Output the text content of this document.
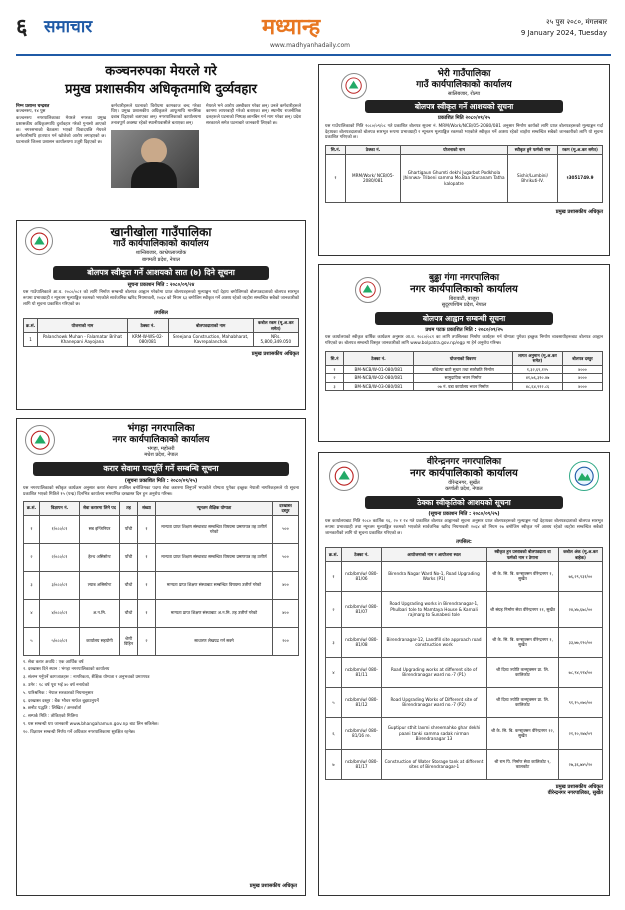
६ समाचार	मध्यान्ह
www.madhyanhadaily.com
२५ पुस २०८०, मंगलबार
9 January 2024, Tuesday
कञ्चनरुपका मेयरले गरे
प्रमुख प्रशासकीय अधिकृतमाथि दुर्व्यवहार
निम्न प्रशान्त चन्द्रबत
कञ्चनरुप, १४ पुस
कञ्चनरुप नगरपालिकाका मेयरले नगरका प्रमुख प्रशासकीय अधिकृतमाथि दुर्व्यवहार गरेको गुनासो आएको छ। नगरसभाको बैठकमा भएको विवादपछि मेयरले कर्मचारीमाथि हातपात गर्न खोजेको आरोप लगाइएको छ। घटनाबारे जिल्ला प्रशासन कार्यालयमा उजुरी दिइएको छ।
कर्मचारीहरूले घटनाको विरोधमा कामकाज बन्द गरेका थिए। प्रमुख प्रशासकीय अधिकृतले आफूमाथि मानसिक दबाब दिइएको बताएका छन्। नगरपालिकाको कार्यालयमा तनावपूर्ण अवस्था रहेको स्थानीयवासीले बताएका छन्।
मेयरले भने आरोप अस्वीकार गरेका छन्। उनले कर्मचारीहरूले काममा लापरबाही गरेको बताएका छन्। स्थानीय राजनीतिक दलहरूले घटनाको निष्पक्ष छानबिन गर्न माग गरेका छन्। प्रदेश सरकारले समेत घटनाबारे जानकारी लिएको छ।
खानीखोला गाउँपालिका
गाउँ कार्यपालिकाको कार्यालय
शान्तिबजार, काभ्रेपलाञ्चोक
बागमती प्रदेश, नेपाल
बोलपत्र स्वीकृत गर्ने आशयको सात (७) दिने सूचना
सूचना प्रकाशन मिति : २०८०/०९/२४
यस गाउँपालिकाले आ.व. २०८०/०८१ को लागि निर्माण सम्बन्धी बोलपत्र आह्वान गरेकोमा प्राप्त बोलपत्रहरूको मूल्याङ्कन गर्दा देहाय बमोजिमको बोलपत्रदाताको बोलपत्र सारभूत रूपमा प्रभावग्राही र न्यूनतम मूल्याङ्कित रकमको भएकोले सार्वजनिक खरिद नियमावली, २०६४ को नियम ६३ बमोजिम स्वीकृत गर्ने आशय रहेको व्यहोरा सम्बन्धित सबैको जानकारीको लागि यो सूचना प्रकाशित गरिएको छ।
तपसिल
क्र.सं.	योजनाको नाम	ठेक्का नं.	बोलपत्रदाताको नाम	कबोल रकम (मू.अ.कर समेत)
1	Palanchowk Muhan - Falamatar Brihat Khanepani Aayojana	KRM-W-WS-02-080/081	Sreejana Construction, Mahabharat, Kavrepalanchok	NRs. 5,800,349.050
प्रमुख प्रशासकीय अधिकृत
भंगहा नगरपालिका
नगर कार्यपालिकाको कार्यालय
भंगहा, महोत्तरी
मधेश प्रदेश, नेपाल
करार सेवामा पदपूर्ति गर्ने सम्बन्धि सूचना
(सूचना प्रकाशित मिति : २०८०/०९/२५)
यस नगरपालिकाको स्वीकृत कार्यक्रम अनुसार करार सेवामा तपसिल बमोजिमका पदमा सेवा करारमा लिनुपर्ने भएकोले योग्यता पुगेका इच्छुक नेपाली नागरिकहरूले यो सूचना प्रकाशित भएको मितिले १५ (पन्ध्र) दिनभित्र कार्यालय समयभित्र दरखास्त दिन हुन अनुरोध गरिन्छ।
क्र.सं.	विज्ञापन नं.	सेवा करारमा लिने पद	तह	संख्या	न्यूनतम शैक्षिक योग्यता	दरखास्त दस्तुर
१	१/०८०/८१	सब इन्जिनियर	पाँचौ	१	मान्यता प्राप्त शिक्षण संस्थाबाट सम्बन्धित विषयमा प्रमाणपत्र तह उत्तीर्ण गरेको	५००
२	२/०८०/८१	हेल्थ असिस्टेन्ट	पाँचौ	१	मान्यता प्राप्त शिक्षण संस्थाबाट सम्बन्धित विषयमा प्रमाणपत्र तह उत्तीर्ण	५००
३	३/०८०/८१	ल्याब असिस्टेन्ट	चौथो	१	मान्यता प्राप्त शिक्षण संस्थाबाट सम्बन्धित विषयमा उत्तीर्ण गरेको	४००
४	४/०८०/८१	अ.न.मि.	चौथो	१	मान्यता प्राप्त शिक्षण संस्थाबाट अ.न.मि. तह उत्तीर्ण गरेको	४००
५	५/०८०/८१	कार्यालय सहयोगी	श्रेणी विहिन	२	साधारण लेखपढ गर्न सक्ने	२००
१. सेवा करार अवधि : एक आर्थिक वर्ष
२. दरखास्त दिने स्थान : भंगहा नगरपालिकाको कार्यालय
३. संलग्न गर्नुपर्ने कागजातहरू : नागरिकता, शैक्षिक योग्यता र अनुभवको प्रमाणपत्र
४. उमेर : १८ वर्ष पूरा भई ४० वर्ष ननाघेको
५. पारिश्रमिक : नेपाल सरकारको नियमानुसार
६. दरखास्त दस्तुर : बैंक भौचर मार्फत बुझाउनुपर्ने
७. छनौट पद्धति : लिखित / अन्तर्वार्ता
८. सम्पर्क मिति : तोकिएको मितिमा
९. यस सम्बन्धी थप जानकारी www.bhangahamun.gov.np बाट लिन सकिनेछ।
१०. विज्ञापन सम्बन्धी निर्णय गर्ने अधिकार नगरपालिकामा सुरक्षित रहनेछ।
प्रमुख प्रशासकीय अधिकृत
भेरी गाउँपालिका
गाउँ कार्यपालिकाको कार्यालय
सालिबजार, रोल्पा
बोलपत्र स्वीकृत गर्ने आशयको सूचना
प्रकाशित मिति २०८०/०९/२५
यस गाउँपालिकाको मिति २०८०/०९/०८ गते प्रकाशित बोलपत्र सूचना नं. MRM/Work/NCB/05-2080/081 अनुसार निर्माण कार्यको लागि प्राप्त बोलपत्रहरूको मूल्याङ्कन गर्दा देहायका बोलपत्रदाताको बोलपत्र सारभूत रूपमा प्रभावग्राही र न्यूनतम मूल्याङ्कित रकमको भएकोले स्वीकृत गर्ने आशय रहेको व्यहोरा सम्बन्धित सबैको जानकारीको लागि यो सूचना प्रकाशित गरिएको छ।
सि.नं.	ठेक्का नं.	योजनाको नाम	स्वीकृत हुने फर्मको नाम	रकम (मू.अ.कर समेत)
१	MRM/Work/ NCB/05-2080/081	Ghartigaun Ghumti dekhi Jugarbot Podkhola Jhinnwa- Tribeni samma Mo.Baa Sturanam Tatha kalopatre	Sishir/Lumbini/ Bhrikuti-IV.	१3051749.9
प्रमुख प्रशासकीय अधिकृत
बुढ्ढा गंगा नगरपालिका
नगर कार्यपालिकाको कार्यालय
बिरावाटी, बाजुरा
सुदूरपश्चिम प्रदेश, नेपाल
बोलपत्र आह्वान सम्बन्धी सूचना
प्रथम पटक प्रकाशित मिति : २०८०/०९/२५
यस कार्यालयको स्वीकृत वार्षिक कार्यक्रम अनुसार आ.व. २०८०/०८१ का लागि तपसिलका निर्माण कार्यहरू गर्न योग्यता पुगेका इच्छुक निर्माण व्यवसायीहरूबाट बोलपत्र आह्वान गरिएको छ। बोलपत्र सम्बन्धी विस्तृत जानकारीको लागि www.bolpatra.gov.np/egp मा हेर्न अनुरोध गरिन्छ।
सि.नं	ठेक्का नं.	योजनाको विवरण	लागत अनुमान (मू.अ.कर समेत)	बोलपत्र दस्तुर
१	BM-NCB/W-01-080/081	बाँधेल्पा बाटो सुधार तथा स्तरोन्नति निर्माण	१,३२,६९,१२५	४०००
२	BM-NCB/W-02-080/081	सामुदायिक भवन निर्माण	४१,७६,३१०.४७	४०००
३	BM-NCB/W-03-080/081	०७ नं. वडा कार्यालय भवन निर्माण	४८,६४,९१२.८६	४०००
वीरेन्द्रनगर नगरपालिका
नगर कार्यपालिकाको कार्यालय
वीरेन्द्रनगर, सुर्खेत
कर्णाली प्रदेश, नेपाल
ठेक्का स्वीकृतिको आशयको सूचना
(सूचना प्रकाशन मिति : २०८०/०९/२५)
यस कार्यालयबाट मिति २०८० कार्तिक १६, २० र २४ गते प्रकाशित बोलपत्र आह्वानको सूचना अनुसार प्राप्त बोलपत्रहरूको मूल्याङ्कन गर्दा देहायका बोलपत्रदाताको बोलपत्र सारभूत रूपमा प्रभावग्राही तथा न्यूनतम मूल्याङ्कित रकमको भएकोले सार्वजनिक खरिद नियमावली २०६४ को नियम २७ बमोजिम स्वीकृत गर्ने आशय रहेको व्यहोरा सम्बन्धित सबैको जानकारीको लागि यो सूचना प्रकाशित गरिएको छ।
तपसिल:
क्र.सं.	ठेक्का नं.	आयोजनाको नाम र आयोजना स्थल	स्वीकृत हुन प्रस्तावको बोलपत्रदाता वा फर्मको नाम र ठेगाना	कबोल अंक (मू.अ.कर बाहेक)
१	ncb/bm/w/ 080-81/06	Birendra Nagar Ward No-1, Road Upgrading Works (P1)	श्री के. सि. बि. कन्स्ट्रक्सन वीरेन्द्रनगर १, सुर्खेत	७६,२९,९३१/००
२	ncb/bm/w/ 080-81/07	Road Upgrading works in Birendranagar-1, Phulbari tole to Mamtaya House & Karnali rajmarg to Sunabesi tole	श्री संग्रह निर्माण सेवा वीरेन्द्रनगर ११, सुर्खेत	२४,४७,६७८/००
३	ncb/bm/w/ 080-81/08	Birendranagar-12, Landfill site approach road construction work	श्री के. सि. बि. कन्स्ट्रक्सन वीरेन्द्रनगर १, सुर्खेत	३३,७७,१९०/००
४	ncb/bm/w/ 080-81/11	Road Upgrading works at different site of Birendranagar ward no.-7 (P1)	श्री दिव्य ज्योति कन्स्ट्रक्सन प्रा. लि. कालिकोट	७८,९४,९९४/००
५	ncb/bm/w/ 080-81/12	Road Upgrading Works of Different site of Birendranagar ward no.-7 (P2)	श्री दिव्य ज्योति कन्स्ट्रक्सन प्रा. लि. कालिकोट	९१,१५,०७०/००
६	ncb/bm/w/ 080-81/16 re.	Guptipur sthit laxmi shreemahko ghar dekhi paani tanki samma sadak nirman Birendranagar 13	श्री के. सि. बि. कन्स्ट्रक्सन वीरेन्द्रनगर १२, सुर्खेत	२१,१०,२७४/०९
७	ncb/bm/w/ 080-81/17	Construction of Water Storage tank at different sites of Birendranagar-1	श्री राम पि. निर्माण सेवा कालिकोट ९, कालकोट	२७,३६,७४५/२०
प्रमुख प्रशासकीय अधिकृत
वीरेन्द्रनगर नगरपालिका, सुर्खेत
